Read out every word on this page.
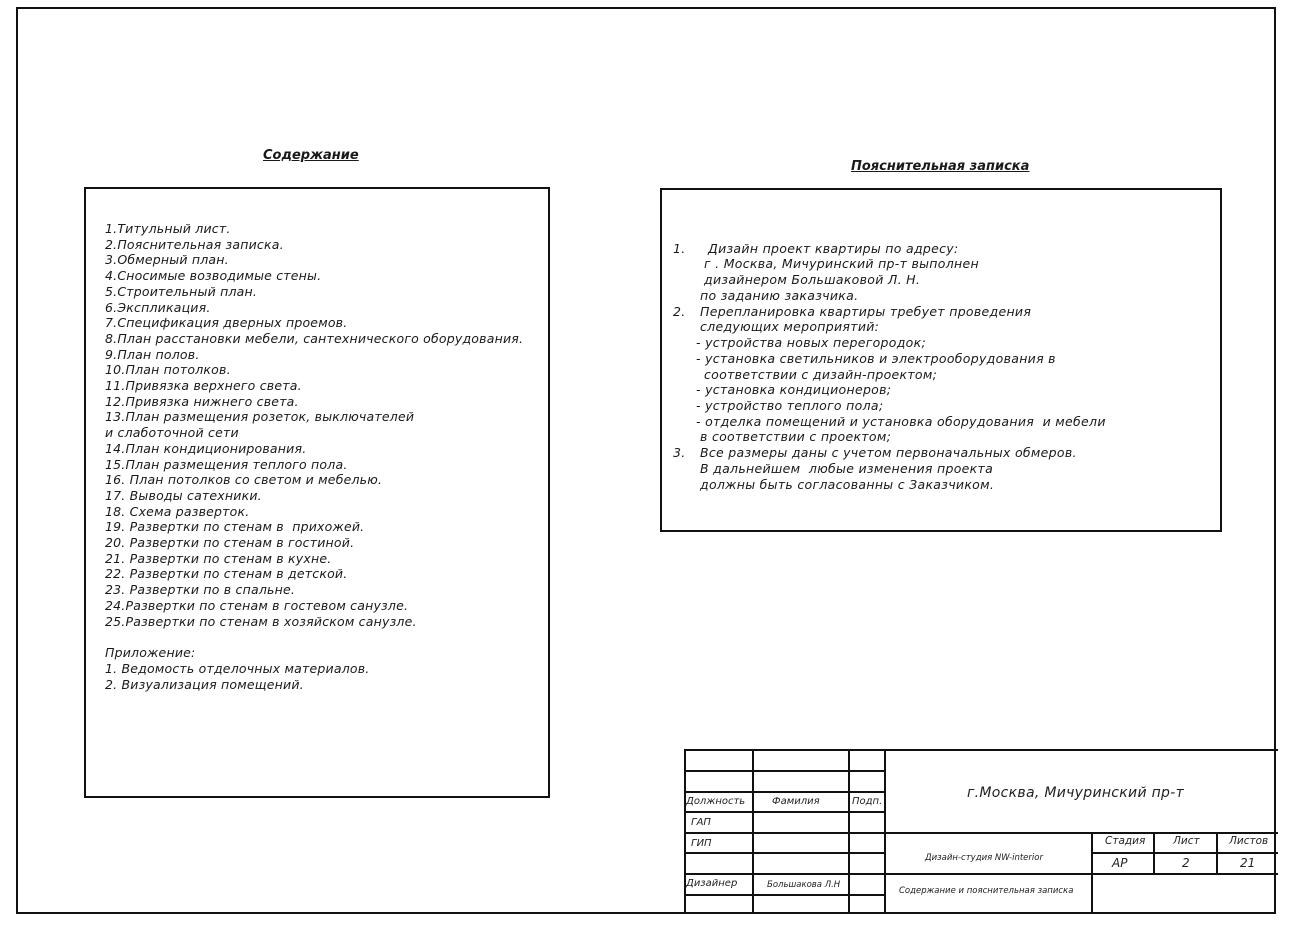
Содержание
1.Титульный лист.
2.Пояснительная записка.
3.Обмерный план.
4.Сносимые возводимые стены.
5.Строительный план.
6.Экспликация.
7.Спецификация дверных проемов.
8.План расстановки мебели, сантехнического оборудования.
9.План полов.
10.План потолков.
11.Привязка верхнего света.
12.Привязка нижнего света.
13.План размещения розеток, выключателей
и слаботочной сети
14.План кондиционирования.
15.План размещения теплого пола.
16. План потолков со светом и мебелью.
17. Выводы сатехники.
18. Схема разверток.
19. Развертки по стенам в  прихожей.
20. Развертки по стенам в гостиной.
21. Развертки по стенам в кухне.
22. Развертки по стенам в детской.
23. Развертки по в спальне.
24.Развертки по стенам в гостевом санузле.
25.Развертки по стенам в хозяйском санузле.
Приложение:
1. Ведомость отделочных материалов.
2. Визуализация помещений.
Пояснительная записка
1. Дизайн проект квартиры по адресу:
г . Москва, Мичуринский пр-т выполнен
дизайнером Большаковой Л. Н.
по заданию заказчика.
2. Перепланировка квартиры требует проведения
следующих мероприятий:
- устройства новых перегородок;
- установка светильников и электрооборудования в
соответствии с дизайн-проектом;
- установка кондиционеров;
- устройство теплого пола;
- отделка помещений и установка оборудования  и мебели
в соответствии с проектом;
3. Все размеры даны с учетом первоначальных обмеров.
В дальнейшем  любые изменения проекта
должны быть согласованны с Заказчиком.
Должность	Фамилия	Подп.
ГАП
ГИП
Дизайнер	Большакова Л.Н
г.Москва, Мичуринский пр-т
Дизайн-студия NW-interior
Содержание и пояснительная записка
Стадия	Лист	Листов
АР	2	21
